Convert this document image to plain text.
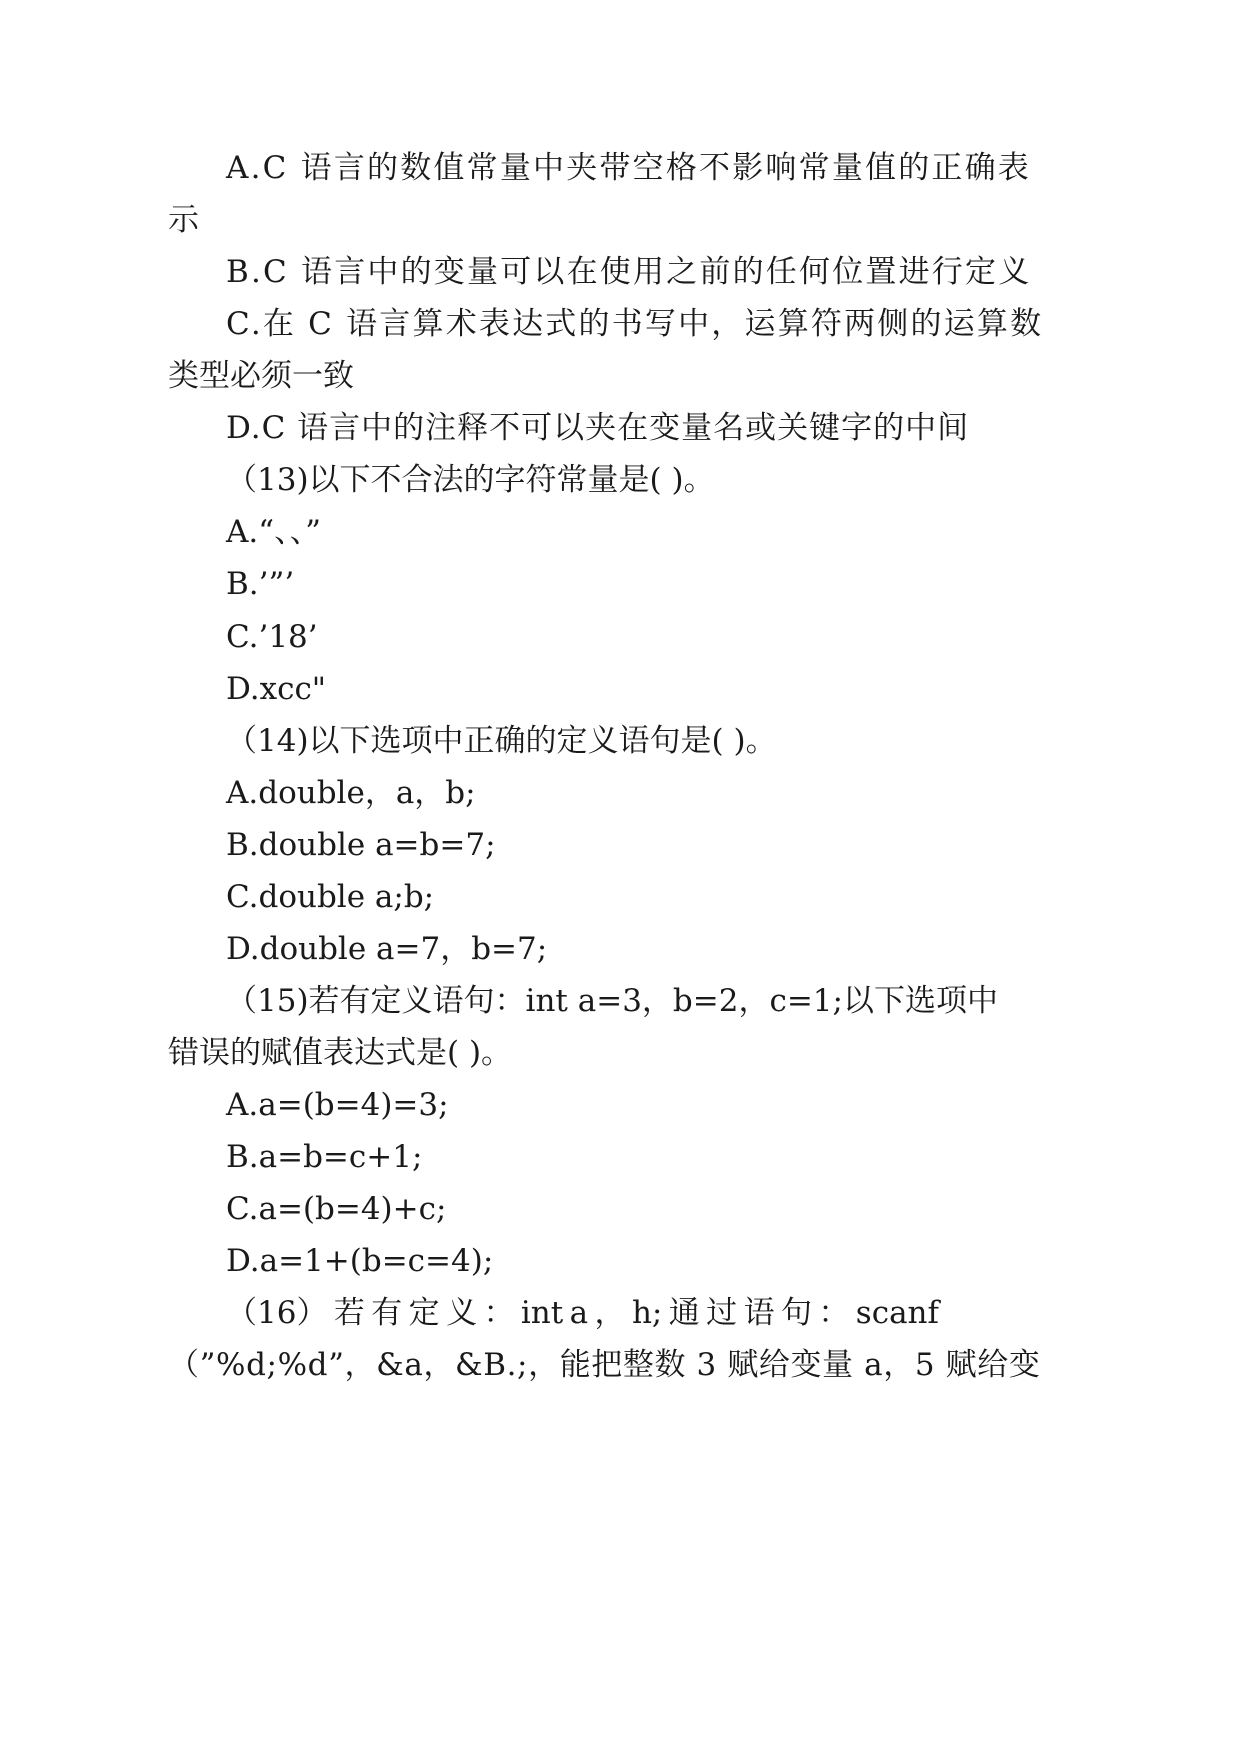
A.C 语言的数值常量中夹带空格不影响常量值的正确表
示
B.C 语言中的变量可以在使用之前的任何位置进行定义
C.在 C 语言算术表达式的书写中，运算符两侧的运算数
类型必须一致
D.C 语言中的注释不可以夹在变量名或关键字的中间
（13)以下不合法的字符常量是( )。
A.“、、”
B.’”’
C.’18’
D.xcc"
（14)以下选项中正确的定义语句是( )。
A.double，a，b;
B.double a=b=7;
C.double a;b;
D.double a=7，b=7;
（15)若有定义语句：int a=3，b=2，c=1;以下选项中
错误的赋值表达式是( )。
A.a=(b=4)=3;
B.a=b=c+1;
C.a=(b=4)+c;
D.a=1+(b=c=4);
（16） 若 有 定 义 ： int a ， h; 通 过 语 句 ： scanf
（”%d;%d”，&a，&B.;，能把整数 3 赋给变量 a，5 赋给变
